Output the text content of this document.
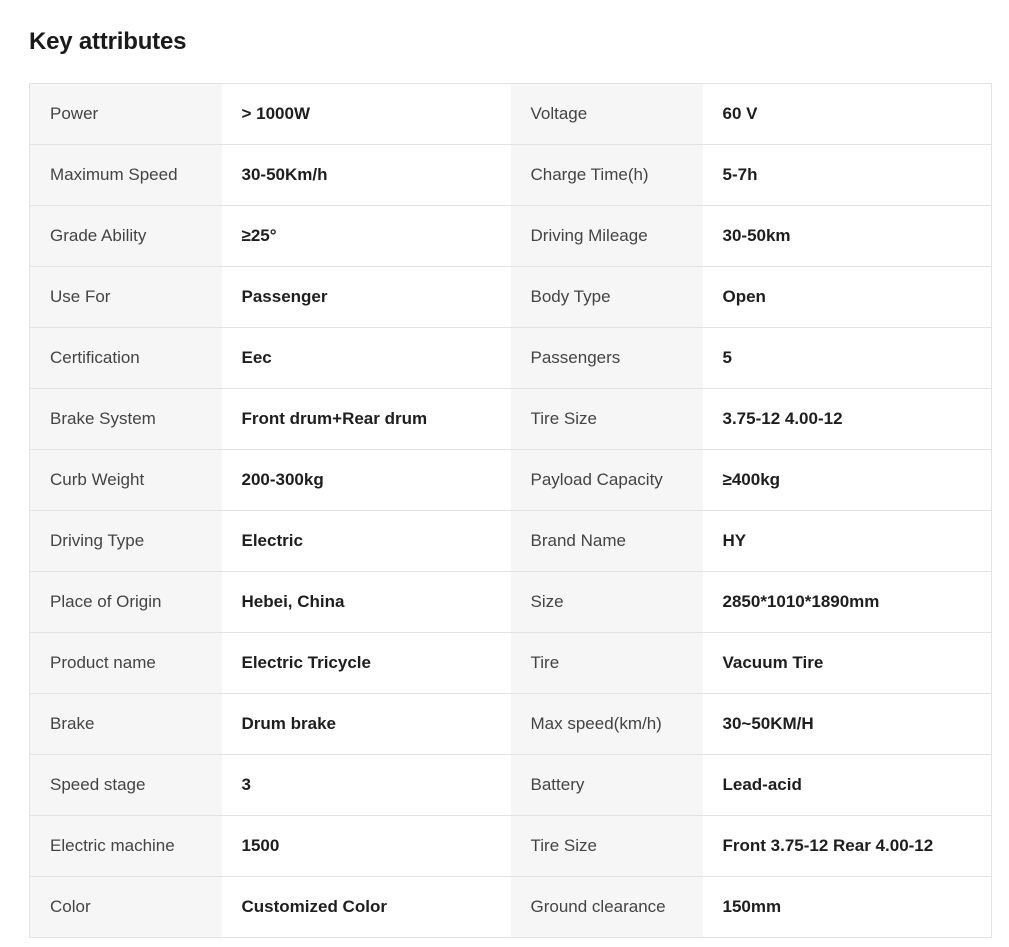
Key attributes
Power	> 1000W	Voltage	60 V
Maximum Speed	30-50Km/h	Charge Time(h)	5-7h
Grade Ability	≥25°	Driving Mileage	30-50km
Use For	Passenger	Body Type	Open
Certification	Eec	Passengers	5
Brake System	Front drum+Rear drum	Tire Size	3.75-12 4.00-12
Curb Weight	200-300kg	Payload Capacity	≥400kg
Driving Type	Electric	Brand Name	HY
Place of Origin	Hebei, China	Size	2850*1010*1890mm
Product name	Electric Tricycle	Tire	Vacuum Tire
Brake	Drum brake	Max speed(km/h)	30~50KM/H
Speed stage	3	Battery	Lead-acid
Electric machine	1500	Tire Size	Front 3.75-12 Rear 4.00-12
Color	Customized Color	Ground clearance	150mm
